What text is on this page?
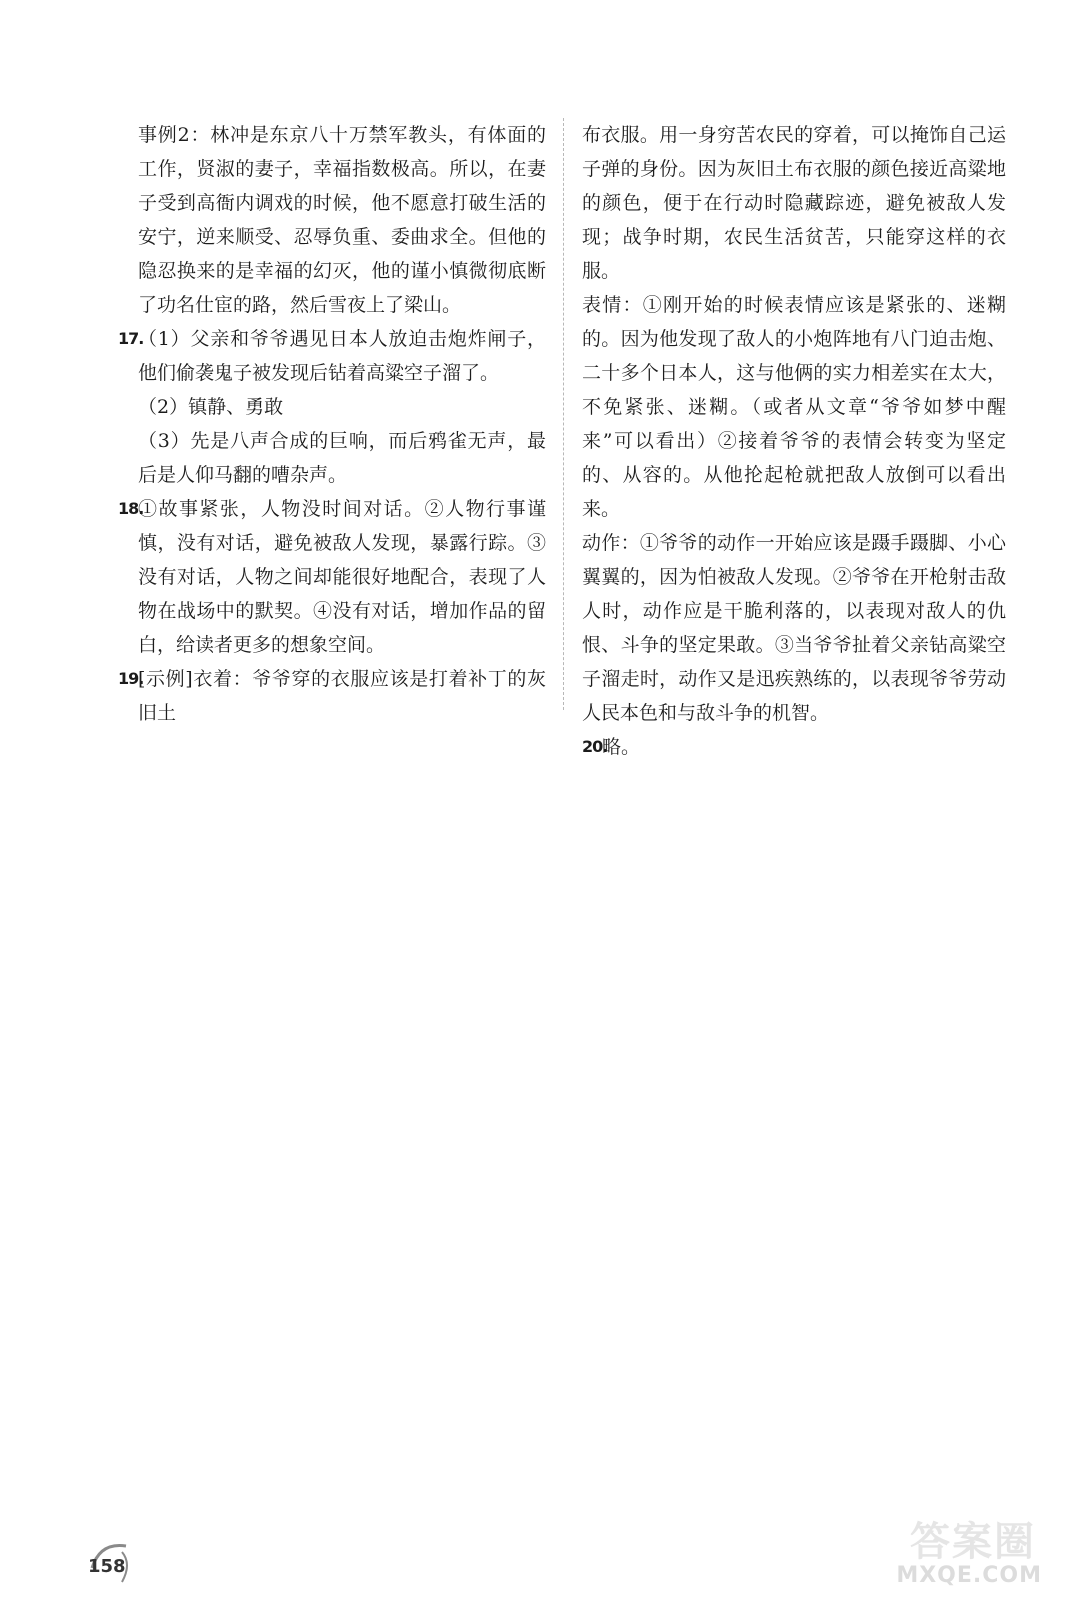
事例2：林冲是东京八十万禁军教头，有体面的工作，贤淑的妻子，幸福指数极高。所以，在妻子受到高衙内调戏的时候，他不愿意打破生活的安宁，逆来顺受、忍辱负重、委曲求全。但他的隐忍换来的是幸福的幻灭，他的谨小慎微彻底断了功名仕宦的路，然后雪夜上了梁山。

17.

（1）父亲和爷爷遇见日本人放迫击炮炸闸子，他们偷袭鬼子被发现后钻着高粱空子溜了。

（2）镇静、勇敢

（3）先是八声合成的巨响，而后鸦雀无声，最后是人仰马翻的嘈杂声。

18.
①故事紧张，人物没时间对话。②人物行事谨慎，没有对话，避免被敌人发现，暴露行踪。③没有对话，人物之间却能很好地配合，表现了人物在战场中的默契。④没有对话，增加作品的留白，给读者更多的想象空间。
19.
[示例]衣着：爷爷穿的衣服应该是打着补丁的灰旧土

布衣服。用一身穷苦农民的穿着，可以掩饰自己运子弹的身份。因为灰旧土布衣服的颜色接近高粱地的颜色，便于在行动时隐藏踪迹，避免被敌人发现；战争时期，农民生活贫苦，只能穿这样的衣服。

表情：①刚开始的时候表情应该是紧张的、迷糊的。因为他发现了敌人的小炮阵地有八门迫击炮、二十多个日本人，这与他俩的实力相差实在太大，不免紧张、迷糊。（或者从文章“爷爷如梦中醒来”可以看出）②接着爷爷的表情会转变为坚定的、从容的。从他抡起枪就把敌人放倒可以看出来。

动作：①爷爷的动作一开始应该是蹑手蹑脚、小心翼翼的，因为怕被敌人发现。②爷爷在开枪射击敌人时，动作应是干脆利落的，以表现对敌人的仇恨、斗争的坚定果敢。③当爷爷扯着父亲钻高粱空子溜走时，动作又是迅疾熟练的，以表现爷爷劳动人民本色和与敌斗争的机智。

20.
略。
158
答案圈
MXQE.COM
